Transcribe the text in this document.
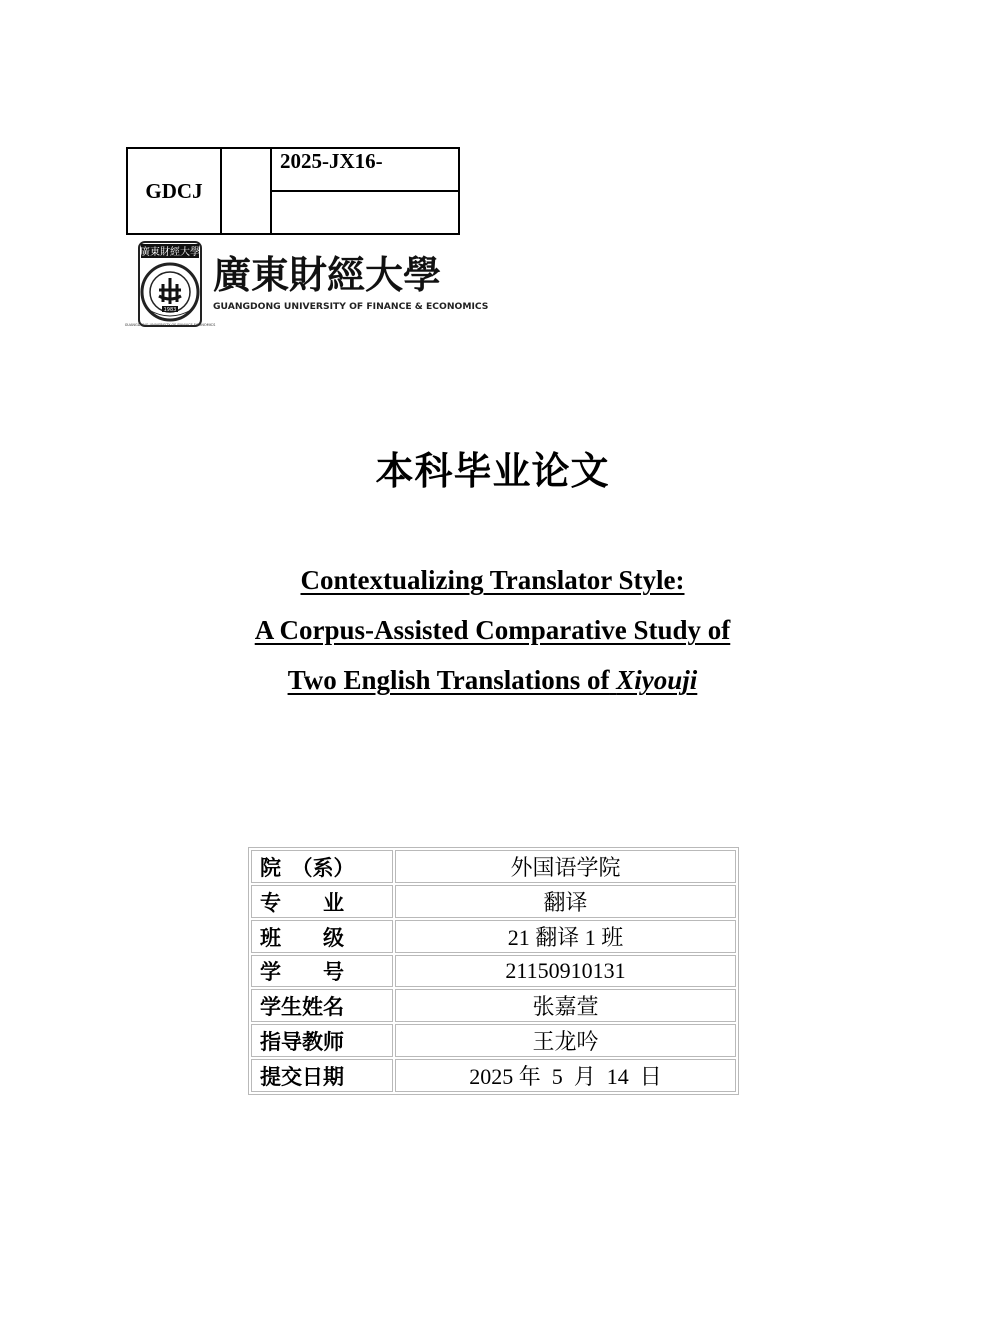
GDCJ		2025-JX16-

廣東財經大學
GUANGDONG UNIVERSITY OF FINANCE ECONOMICS
1983
廣東財經大學
GUANGDONG UNIVERSITY OF FINANCE & ECONOMICS
本科毕业论文
Contextualizing Translator Style:
A Corpus-Assisted Comparative Study of
Two English Translations of Xiyouji
院　（系）	外国语学院
专　　业	翻译
班　　级	21 翻译 1 班
学　　号	21150910131
学生姓名	张嘉萱
指导教师	王龙吟
提交日期	2025 年  5  月  14  日
